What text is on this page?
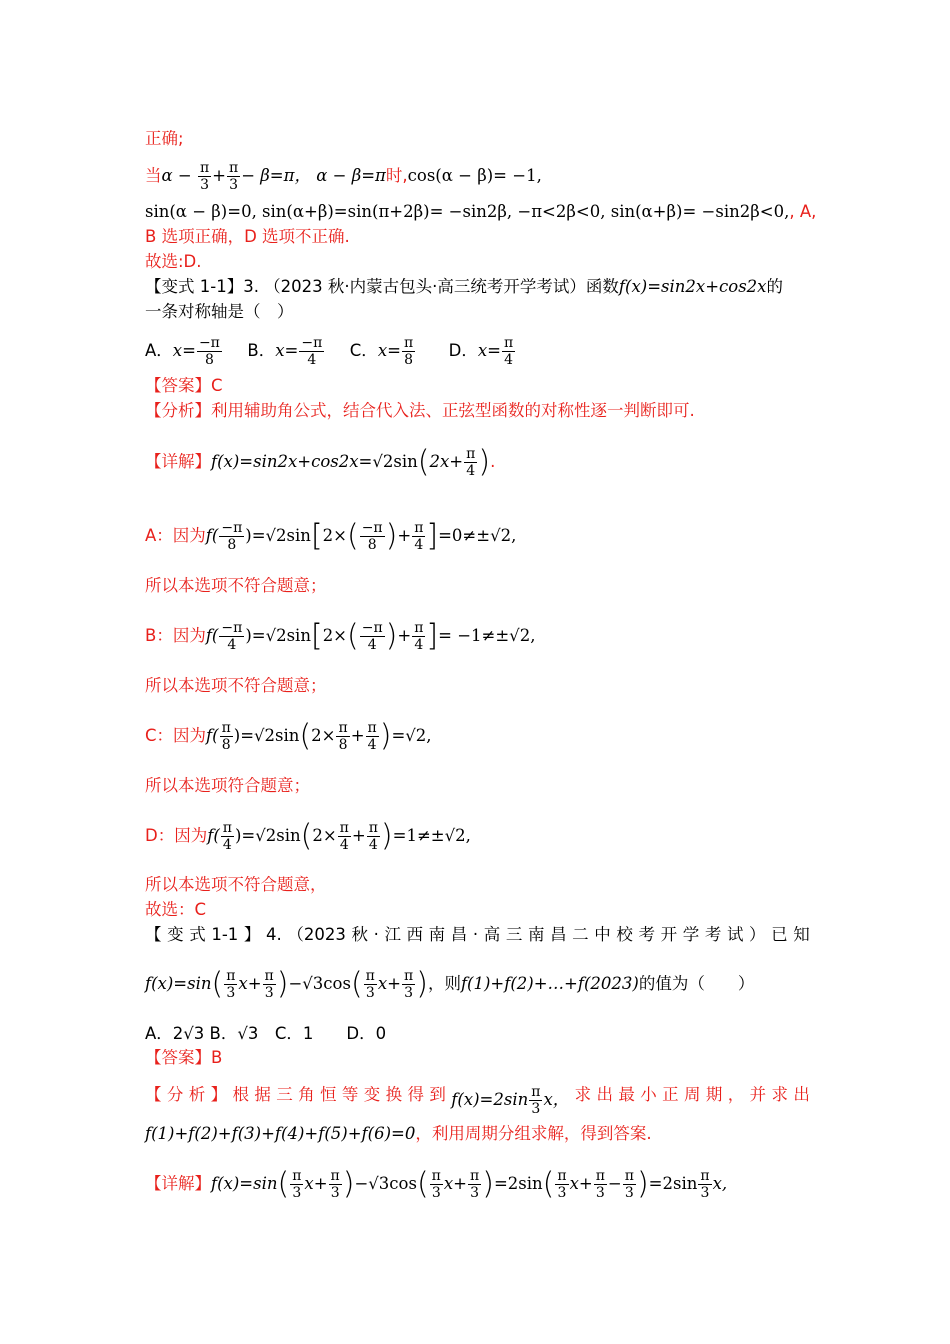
正确;
当$\alpha - \frac{\pi}{3} + \frac{\pi}{3} - \beta=\pi$， α − β=π时,cos(α − β)= −1,
sin(α − β)=0, sin(α+β)=sin(π+2β)= −sin2β, −π<2β<0, sin(α+β)= −sin2β<0,, A,
B 选项正确，D 选项不正确.
故选:D.
【变式 1-1】3. （2023 秋·内蒙古包头·高三统考开学考试）函数f(x)=sin2x+cos2x的
一条对称轴是（　）
A．$x= \frac{-\pi}{8}$ B．$x= \frac{-\pi}{4}$ C．$x= \frac{\pi}{8}$ D．$x= \frac{\pi}{4}$
【答案】C
【分析】利用辅助角公式，结合代入法、正弦型函数的对称性逐一判断即可.
【详解】$f(x)=\sin 2x+\cos 2x=√2\sin(2x+ \frac{\pi}{4}$ ).
A：因为$f( \frac{-\pi}{8} )=√2\sin[2\times( \frac{-\pi}{8}$ )+ $\frac{\pi}{4} ]=0\ne\pm√2$,
所以本选项不符合题意；
B：因为$f( \frac{-\pi}{4} )=√2\sin[2\times( \frac{-\pi}{4}$ )+ $\frac{\pi}{4}$ ]= −1≠±√2,
所以本选项不符合题意；
C：因为$f( \frac{\pi}{8} )=√2\sin(2\times \frac{\pi}{8} + \frac{\pi}{4} )=√2$,
所以本选项符合题意；
D：因为$f( \frac{\pi}{4} )=√2\sin(2\times \frac{\pi}{4} + \frac{\pi}{4} )=1\ne\pm√2$,
所以本选项不符合题意，
故选：C
【 变 式 1-1 】 4. （2023 秋 · 江 西 南 昌 · 高 三 南 昌 二 中 校 考 开 学 考 试 ） 已 知
$f(x)=\sin( \frac{\pi}{3} x+ \frac{\pi}{3} )-√3\cos( \frac{\pi}{3} x+ \frac{\pi}{3}$ )，则f(1)+f(2)+…+f(2023)的值为（　　）
A．2√3 B．√3　C．1　　D．0
【答案】B
【 分 析 】 根 据 三 角 恒 等 变 换 得 到 $f(x)=2\sin \frac{\pi}{3}$ x， 求 出 最 小 正 周 期 ， 并 求 出
f(1)+f(2)+f(3)+f(4)+f(5)+f(6)=0，利用周期分组求解，得到答案.
【详解】$f(x)=\sin( \frac{\pi}{3} x+ \frac{\pi}{3} )-√3\cos( \frac{\pi}{3} x+ \frac{\pi}{3} )=2\sin( \frac{\pi}{3} x+ \frac{\pi}{3} - \frac{\pi}{3} )=2\sin \frac{\pi}{3} x$,
